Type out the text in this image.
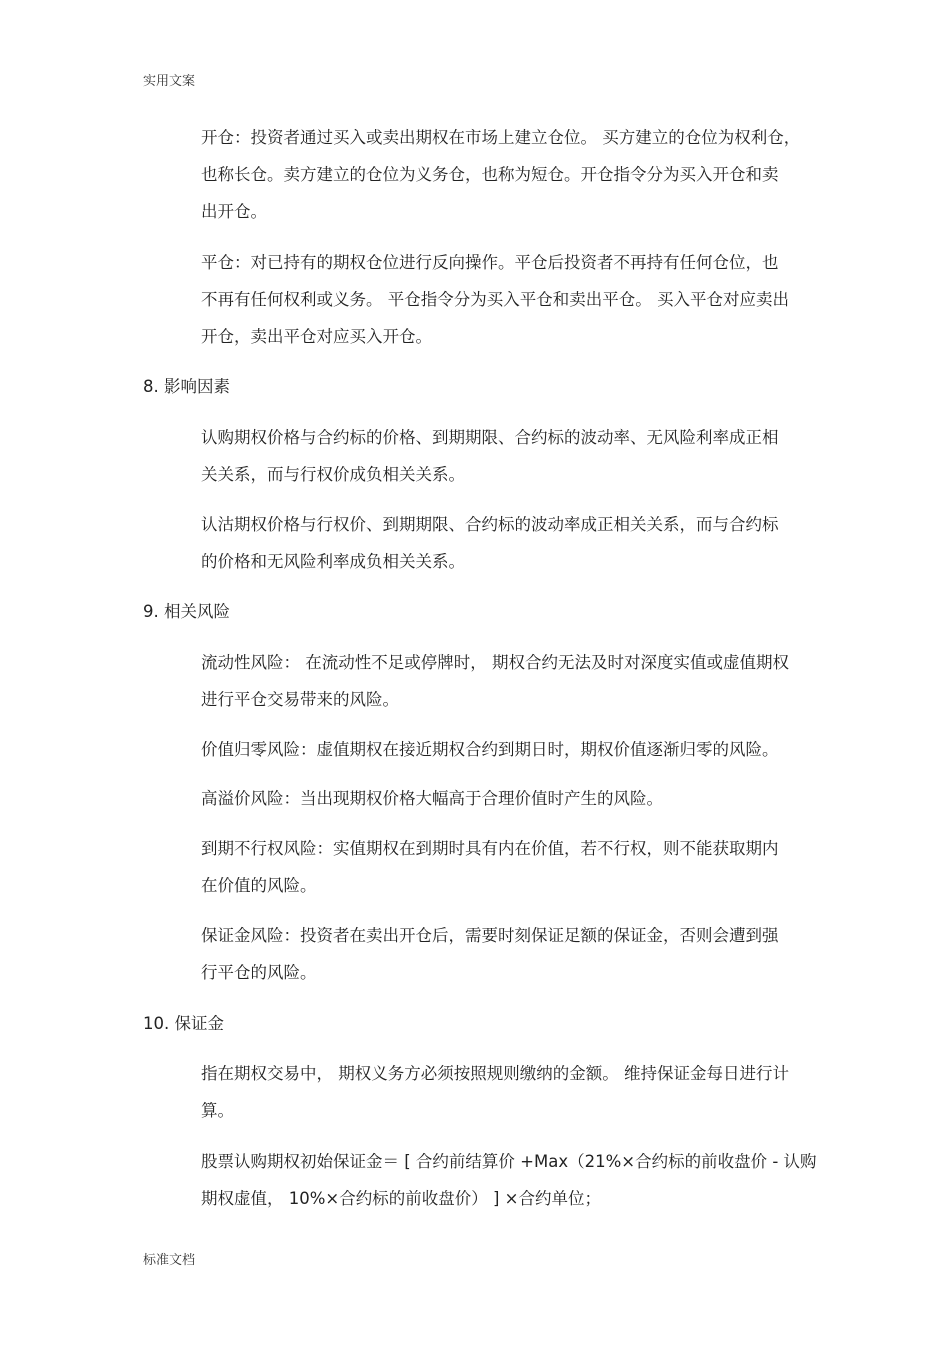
实用文案
开仓：投资者通过买入或卖出期权在市场上建立仓位。 买方建立的仓位为权利仓，
也称长仓。卖方建立的仓位为义务仓，也称为短仓。开仓指令分为买入开仓和卖
出开仓。
平仓：对已持有的期权仓位进行反向操作。平仓后投资者不再持有任何仓位，也
不再有任何权利或义务。 平仓指令分为买入平仓和卖出平仓。 买入平仓对应卖出
开仓，卖出平仓对应买入开仓。
8. 影响因素
认购期权价格与合约标的价格、到期期限、合约标的波动率、无风险利率成正相
关关系，而与行权价成负相关关系。
认沽期权价格与行权价、到期期限、合约标的波动率成正相关关系，而与合约标
的价格和无风险利率成负相关关系。
9. 相关风险
流动性风险： 在流动性不足或停牌时， 期权合约无法及时对深度实值或虚值期权
进行平仓交易带来的风险。
价值归零风险：虚值期权在接近期权合约到期日时，期权价值逐渐归零的风险。
高溢价风险：当出现期权价格大幅高于合理价值时产生的风险。
到期不行权风险：实值期权在到期时具有内在价值，若不行权，则不能获取期内
在价值的风险。
保证金风险：投资者在卖出开仓后，需要时刻保证足额的保证金，否则会遭到强
行平仓的风险。
10. 保证金
指在期权交易中， 期权义务方必须按照规则缴纳的金额。 维持保证金每日进行计
算。
股票认购期权初始保证金＝ [ 合约前结算价 +Max（21%×合约标的前收盘价 - 认购
期权虚值， 10%×合约标的前收盘价） ] ×合约单位；
标准文档
